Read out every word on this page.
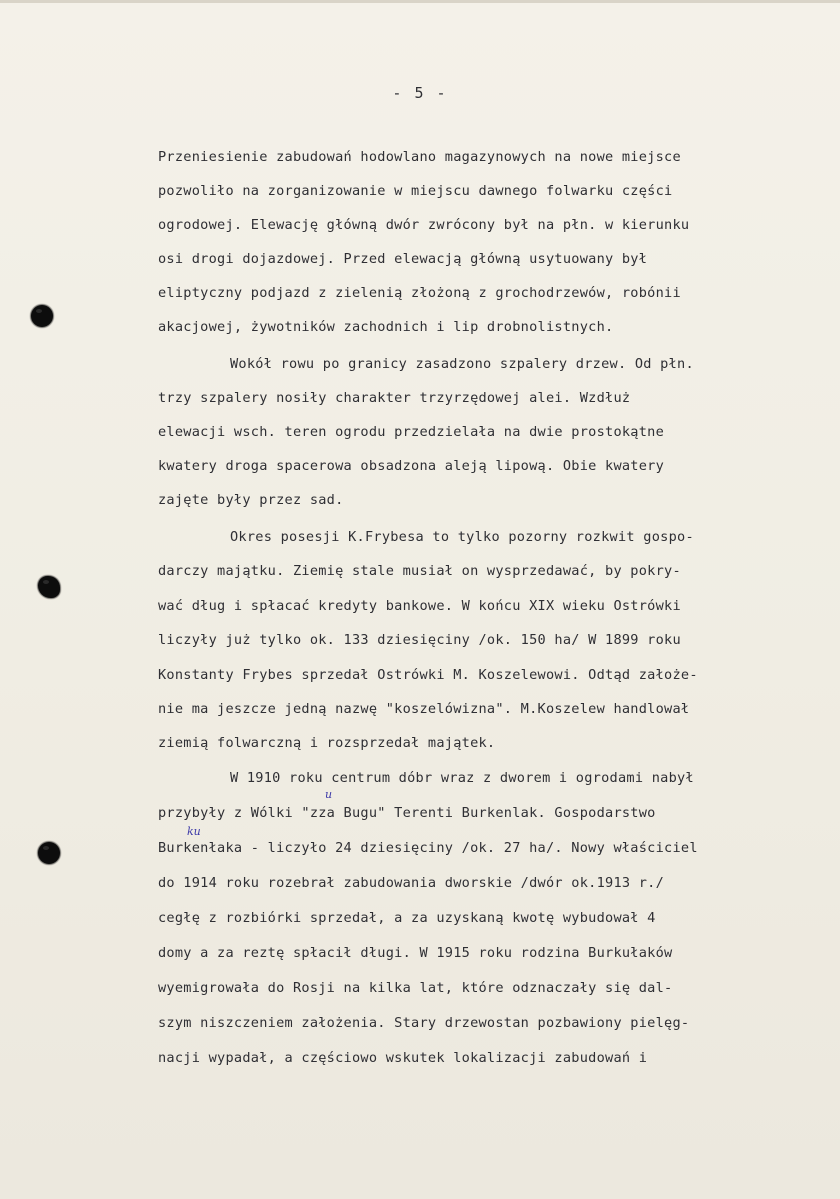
- 5 -
Przeniesienie zabudowań hodowlano magazynowych na nowe miejsce
pozwoliło na zorganizowanie w miejscu dawnego folwarku części
ogrodowej. Elewację główną dwór zwrócony był na płn. w kierunku
osi drogi dojazdowej. Przed elewacją główną usytuowany był
eliptyczny podjazd z zielenią złożoną z grochodrzewów, robónii
akacjowej, żywotników zachodnich i lip drobnolistnych.
Wokół rowu po granicy zasadzono szpalery drzew. Od płn.
trzy szpalery nosiły charakter trzyrzędowej alei. Wzdłuż
elewacji wsch. teren ogrodu przedzielała na dwie prostokątne
kwatery droga spacerowa obsadzona aleją lipową. Obie kwatery
zajęte były przez sad.
Okres posesji K.Frybesa to tylko pozorny rozkwit gospo-
darczy majątku. Ziemię stale musiał on wysprzedawać, by pokry-
wać dług i spłacać kredyty bankowe. W końcu XIX wieku Ostrówki
liczyły już tylko ok. 133 dziesięciny /ok. 150 ha/ W 1899 roku
Konstanty Frybes sprzedał Ostrówki M. Koszelewowi. Odtąd założe-
nie ma jeszcze jedną nazwę "koszelówizna". M.Koszelew handlował
ziemią folwarczną i rozsprzedał majątek.
W 1910 roku centrum dóbr wraz z dworem i ogrodami nabył
przybyły z Wólki "zza Bugu" Terenti Burkenlak. Gospodarstwo
Burkenłaka - liczyło 24 dziesięciny /ok. 27 ha/. Nowy właściciel
do 1914 roku rozebrał zabudowania dworskie /dwór ok.1913 r./
cegłę z rozbiórki sprzedał, a za uzyskaną kwotę wybudował 4
domy a za reztę spłacił długi. W 1915 roku rodzina Burkułaków
wyemigrowała do Rosji na kilka lat, które odznaczały się dal-
szym niszczeniem założenia. Stary drzewostan pozbawiony pielęg-
nacji wypadał, a częściowo wskutek lokalizacji zabudowań i
u
ku
